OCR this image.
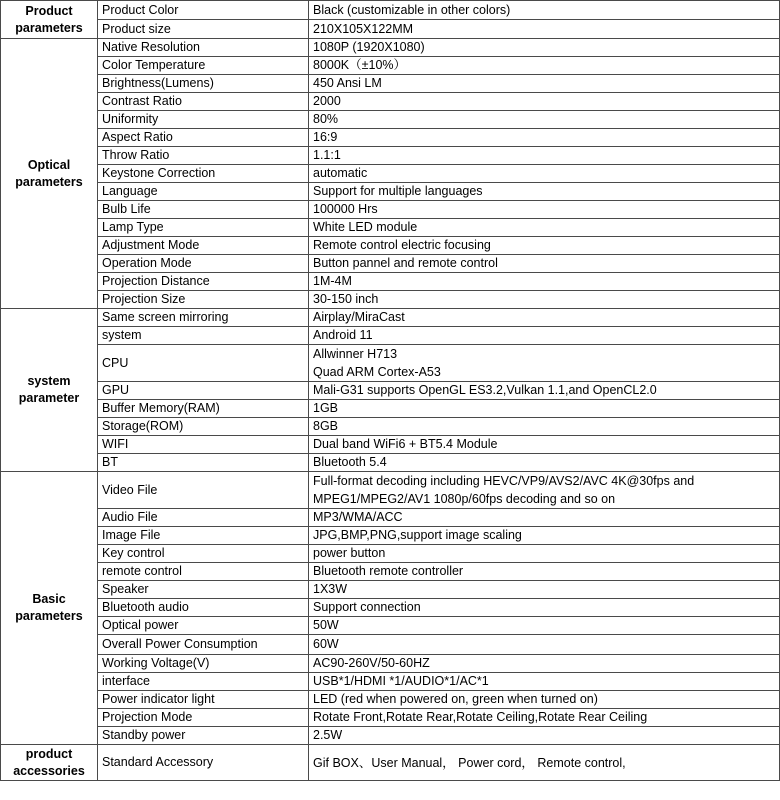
Product parameters	Product Color	Black (customizable in other colors)
	Product size	210X105X122MM
Optical parameters	Native Resolution	1080P (1920X1080)
	Color Temperature	8000K（±10%）
	Brightness(Lumens)	450 Ansi LM
	Contrast Ratio	2000
	Uniformity	80%
	Aspect Ratio	16:9
	Throw Ratio	1.1:1
	Keystone Correction	automatic
	Language	Support for multiple languages
	Bulb Life	100000 Hrs
	Lamp Type	White LED module
	Adjustment Mode	Remote control electric focusing
	Operation Mode	Button pannel and remote control
	Projection Distance	1M-4M
	Projection Size	30-150 inch
system parameter	Same screen mirroring	Airplay/MiraCast
	system	Android 11
	CPU	Allwinner H713
Quad ARM Cortex-A53

	GPU	Mali-G31 supports OpenGL ES3.2,Vulkan 1.1,and OpenCL2.0
	Buffer Memory(RAM)	1GB
	Storage(ROM)	8GB
	WIFI	Dual band WiFi6 + BT5.4 Module
	BT	Bluetooth 5.4
Basic parameters	Video File	Full-format decoding including HEVC/VP9/AVS2/AVC 4K@30fps and MPEG1/MPEG2/AV1 1080p/60fps decoding and so on
	Audio File	MP3/WMA/ACC
	Image File	JPG,BMP,PNG,support image scaling
	Key control	power button
	remote control	Bluetooth remote controller
	Speaker	1X3W
	Bluetooth audio	Support connection
	Optical power	50W
	Overall Power Consumption	60W
	Working Voltage(V)	AC90-260V/50-60HZ
	interface	USB*1/HDMI *1/AUDIO*1/AC*1
	Power indicator light	LED (red when powered on, green when turned on)
	Projection Mode	Rotate Front,Rotate Rear,Rotate Ceiling,Rotate Rear Ceiling
	Standby power	2.5W
product accessories	Standard Accessory	Gif BOX、User Manual， Power cord， Remote control,
